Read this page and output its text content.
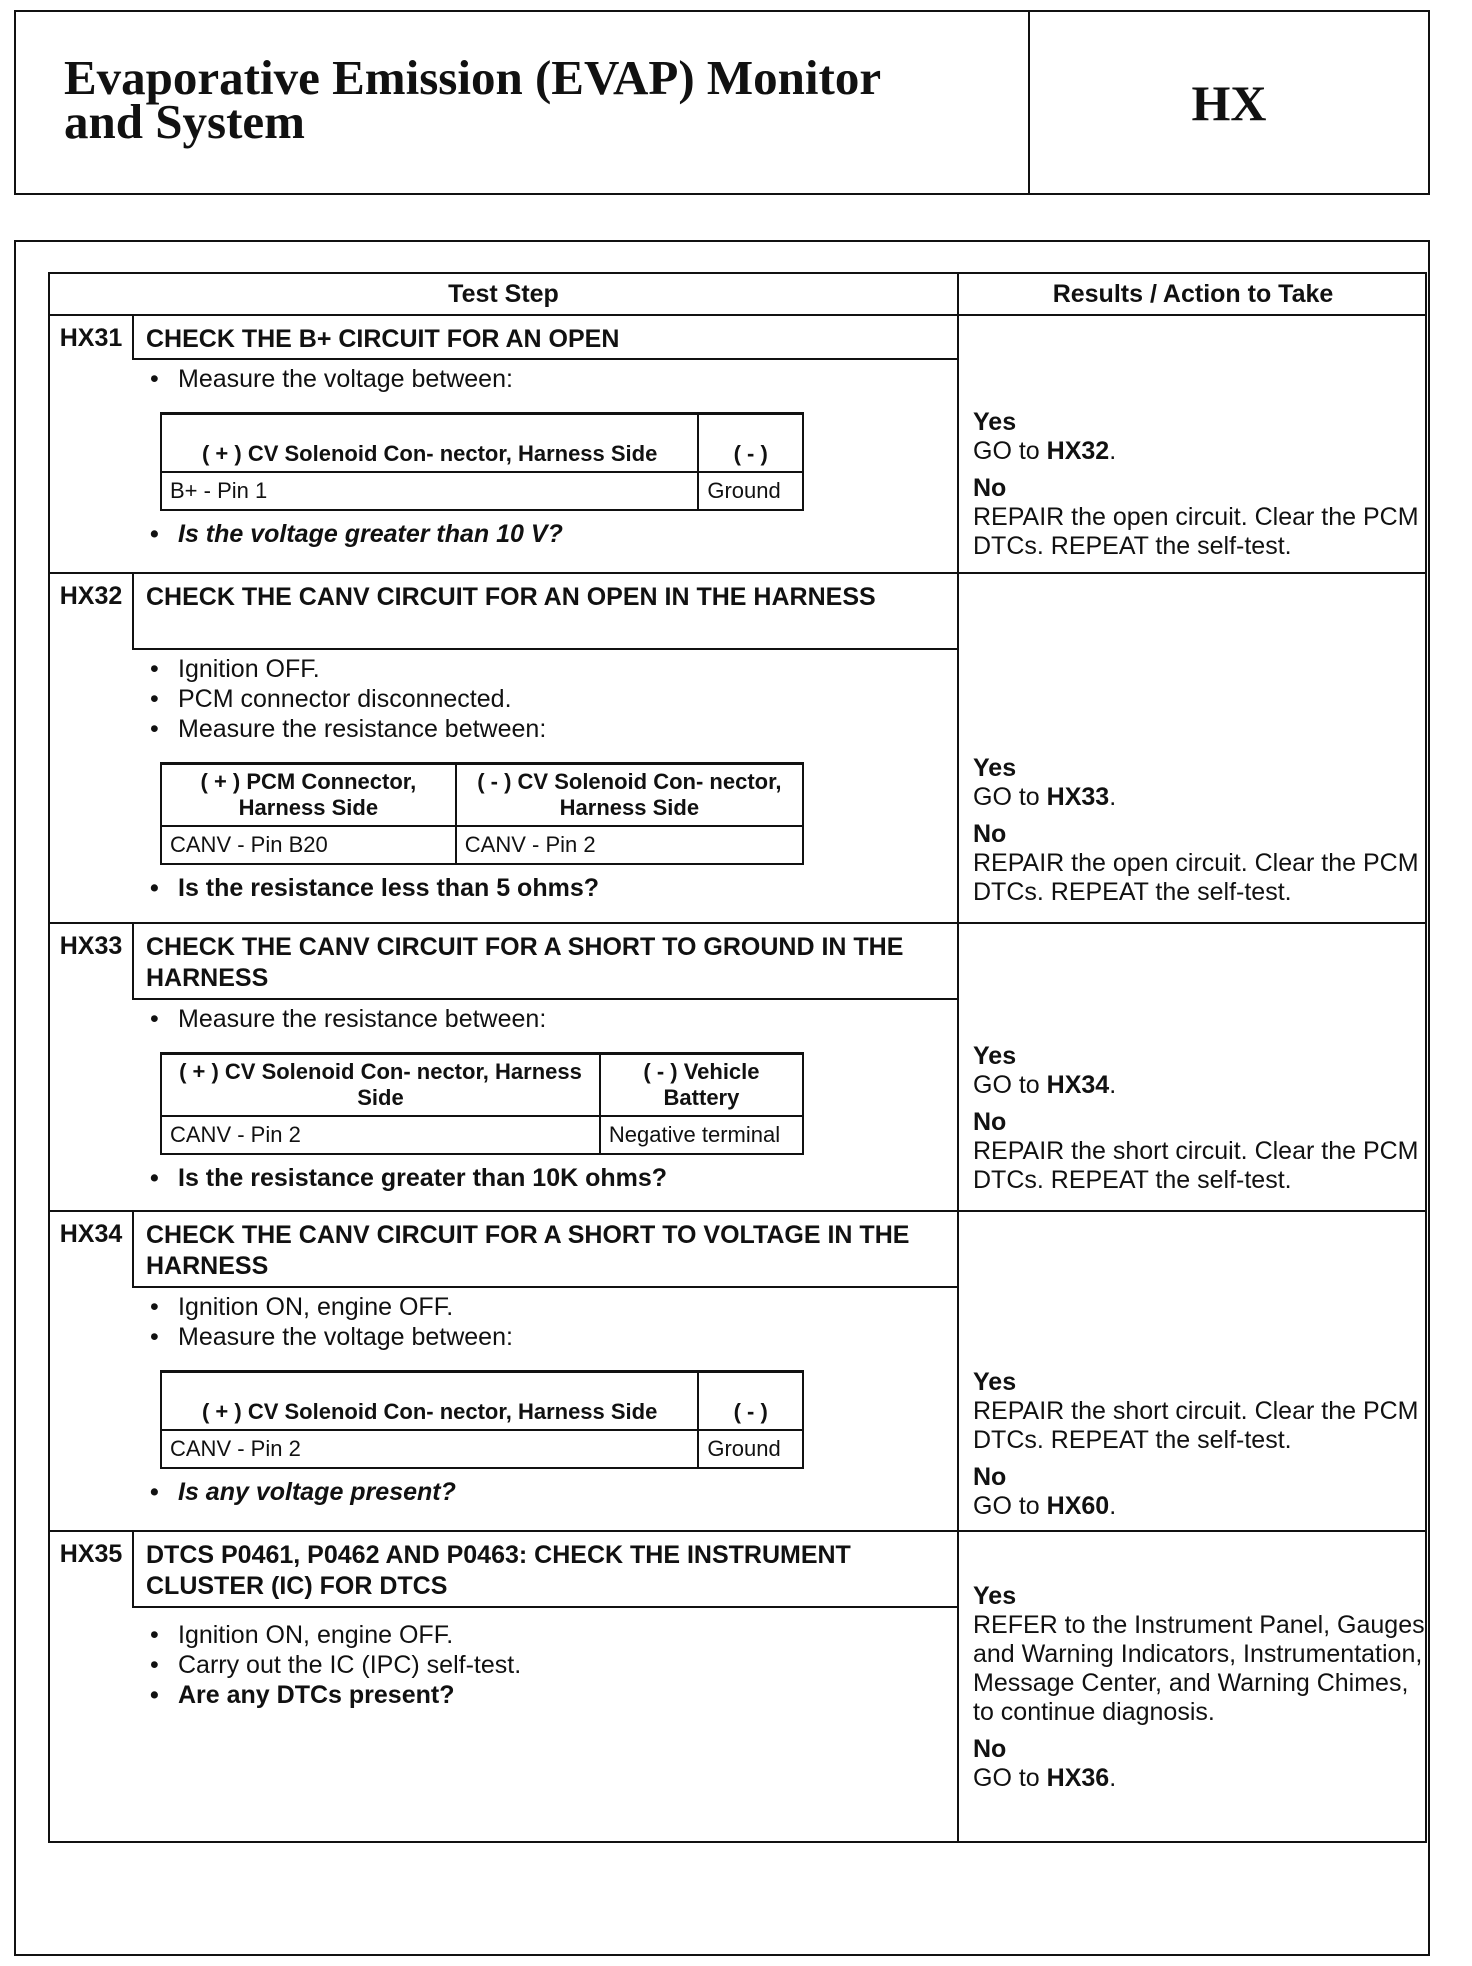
Evaporative Emission (EVAP) Monitor
and System	HX
Test Step	Results / Action to Take
HX31 CHECK THE B+ CIRCUIT FOR AN OPEN
• Measure the voltage between:
( + ) CV Solenoid Con- nector, Harness Side	( - )
B+ - Pin 1	Ground
• Is the voltage greater than 10 V?
Yes
GO to HX32.
No
REPAIR the open circuit. Clear the PCM DTCs. REPEAT the self-test.
HX32 CHECK THE CANV CIRCUIT FOR AN OPEN IN THE HARNESS
• Ignition OFF.
• PCM connector disconnected.
• Measure the resistance between:
( + ) PCM Connector, Harness Side	( - ) CV Solenoid Con- nector, Harness Side
CANV - Pin B20	CANV - Pin 2
• Is the resistance less than 5 ohms?
Yes
GO to HX33.
No
REPAIR the open circuit. Clear the PCM DTCs. REPEAT the self-test.
HX33 CHECK THE CANV CIRCUIT FOR A SHORT TO GROUND IN THE HARNESS
• Measure the resistance between:
( + ) CV Solenoid Con- nector, Harness Side	( - ) Vehicle Battery
CANV - Pin 2	Negative terminal
• Is the resistance greater than 10K ohms?
Yes
GO to HX34.
No
REPAIR the short circuit. Clear the PCM DTCs. REPEAT the self-test.
HX34 CHECK THE CANV CIRCUIT FOR A SHORT TO VOLTAGE IN THE HARNESS
• Ignition ON, engine OFF.
• Measure the voltage between:
( + ) CV Solenoid Con- nector, Harness Side	( - )
CANV - Pin 2	Ground
• Is any voltage present?
Yes
REPAIR the short circuit. Clear the PCM DTCs. REPEAT the self-test.
No
GO to HX60.
HX35 DTCS P0461, P0462 AND P0463: CHECK THE INSTRUMENT CLUSTER (IC) FOR DTCS
• Ignition ON, engine OFF.
• Carry out the IC (IPC) self-test.
• Are any DTCs present?
Yes
REFER to the Instrument Panel, Gauges and Warning Indicators, Instrumentation, Message Center, and Warning Chimes, to continue diagnosis.
No
GO to HX36.
